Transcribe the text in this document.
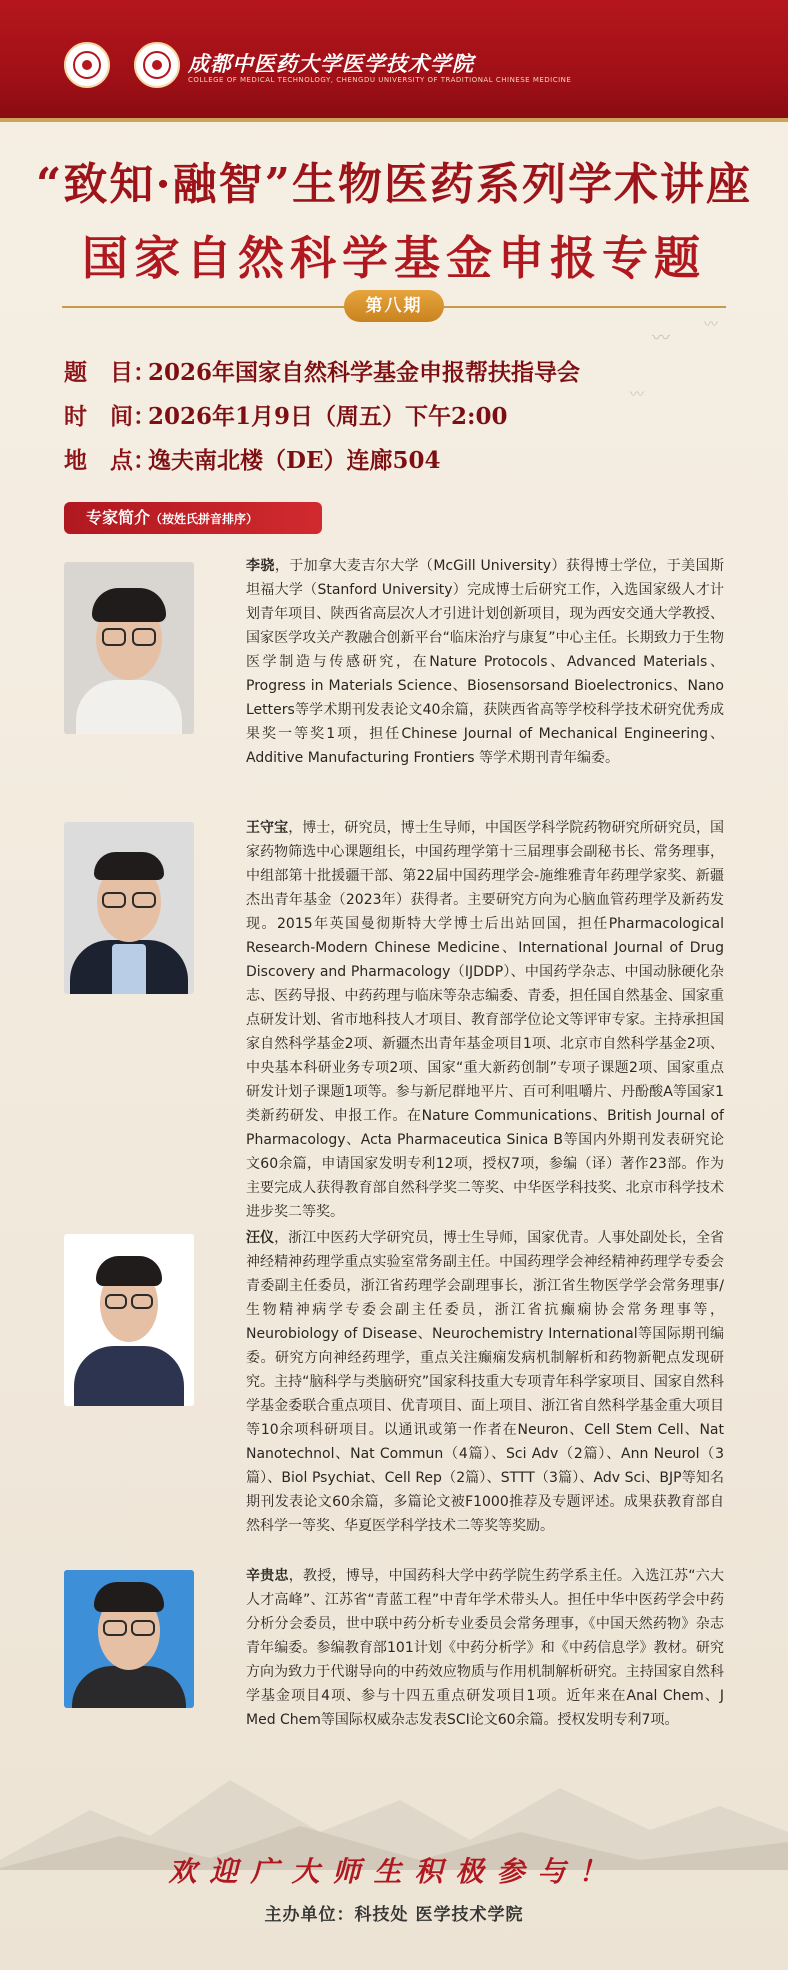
成都中医药大学医学技术学院
COLLEGE OF MEDICAL TECHNOLOGY, CHENGDU UNIVERSITY OF TRADITIONAL CHINESE MEDICINE
“致知·融智”生物医药系列学术讲座
国家自然科学基金申报专题
第八期
〰
〰
〰
题　目：2026年国家自然科学基金申报帮扶指导会
时　间：2026年1月9日（周五）下午2:00
地　点：逸夫南北楼（DE）连廊504
专家简介（按姓氏拼音排序）
李骁，于加拿大麦吉尔大学（McGill University）获得博士学位，于美国斯坦福大学（Stanford University）完成博士后研究工作，入选国家级人才计划青年项目、陕西省高层次人才引进计划创新项目，现为西安交通大学教授、国家医学攻关产教融合创新平台“临床治疗与康复”中心主任。长期致力于生物医学制造与传感研究，在Nature Protocols、Advanced Materials、Progress in Materials Science、Biosensorsand Bioelectronics、Nano Letters等学术期刊发表论文40余篇，获陕西省高等学校科学技术研究优秀成果奖一等奖1项，担任Chinese Journal of Mechanical Engineering、Additive Manufacturing Frontiers 等学术期刊青年编委。
王守宝，博士，研究员，博士生导师，中国医学科学院药物研究所研究员，国家药物筛选中心课题组长，中国药理学第十三届理事会副秘书长、常务理事，中组部第十批援疆干部、第22届中国药理学会-施维雅青年药理学家奖、新疆杰出青年基金（2023年）获得者。主要研究方向为心脑血管药理学及新药发现。2015年英国曼彻斯特大学博士后出站回国，担任Pharmacological Research-Modern Chinese Medicine、International Journal of Drug Discovery and Pharmacology（IJDDP）、中国药学杂志、中国动脉硬化杂志、医药导报、中药药理与临床等杂志编委、青委，担任国自然基金、国家重点研发计划、省市地科技人才项目、教育部学位论文等评审专家。主持承担国家自然科学基金2项、新疆杰出青年基金项目1项、北京市自然科学基金2项、中央基本科研业务专项2项、国家“重大新药创制”专项子课题2项、国家重点研发计划子课题1项等。参与新尼群地平片、百可利咀嚼片、丹酚酸A等国家1类新药研发、申报工作。在Nature Communications、British Journal of Pharmacology、Acta Pharmaceutica Sinica B等国内外期刊发表研究论文60余篇，申请国家发明专利12项，授权7项，参编（译）著作23部。作为主要完成人获得教育部自然科学奖二等奖、中华医学科技奖、北京市科学技术进步奖二等奖。
汪仪，浙江中医药大学研究员，博士生导师，国家优青。人事处副处长，全省神经精神药理学重点实验室常务副主任。中国药理学会神经精神药理学专委会青委副主任委员，浙江省药理学会副理事长，浙江省生物医学学会常务理事/生物精神病学专委会副主任委员，浙江省抗癫痫协会常务理事等，Neurobiology of Disease、Neurochemistry International等国际期刊编委。研究方向神经药理学，重点关注癫痫发病机制解析和药物新靶点发现研究。主持“脑科学与类脑研究”国家科技重大专项青年科学家项目、国家自然科学基金委联合重点项目、优青项目、面上项目、浙江省自然科学基金重大项目等10余项科研项目。以通讯或第一作者在Neuron、Cell Stem Cell、Nat Nanotechnol、Nat Commun（4篇）、Sci Adv（2篇）、Ann Neurol（3篇）、Biol Psychiat、Cell Rep（2篇）、STTT（3篇）、Adv Sci、BJP等知名期刊发表论文60余篇，多篇论文被F1000推荐及专题评述。成果获教育部自然科学一等奖、华夏医学科学技术二等奖等奖励。
辛贵忠，教授，博导，中国药科大学中药学院生药学系主任。入选江苏“六大人才高峰”、江苏省“青蓝工程”中青年学术带头人。担任中华中医药学会中药分析分会委员，世中联中药分析专业委员会常务理事，《中国天然药物》杂志青年编委。参编教育部101计划《中药分析学》和《中药信息学》教材。研究方向为致力于代谢导向的中药效应物质与作用机制解析研究。主持国家自然科学基金项目4项、参与十四五重点研发项目1项。近年来在Anal Chem、J Med Chem等国际权威杂志发表SCI论文60余篇。授权发明专利7项。
欢迎广大师生积极参与！
主办单位：科技处 医学技术学院
